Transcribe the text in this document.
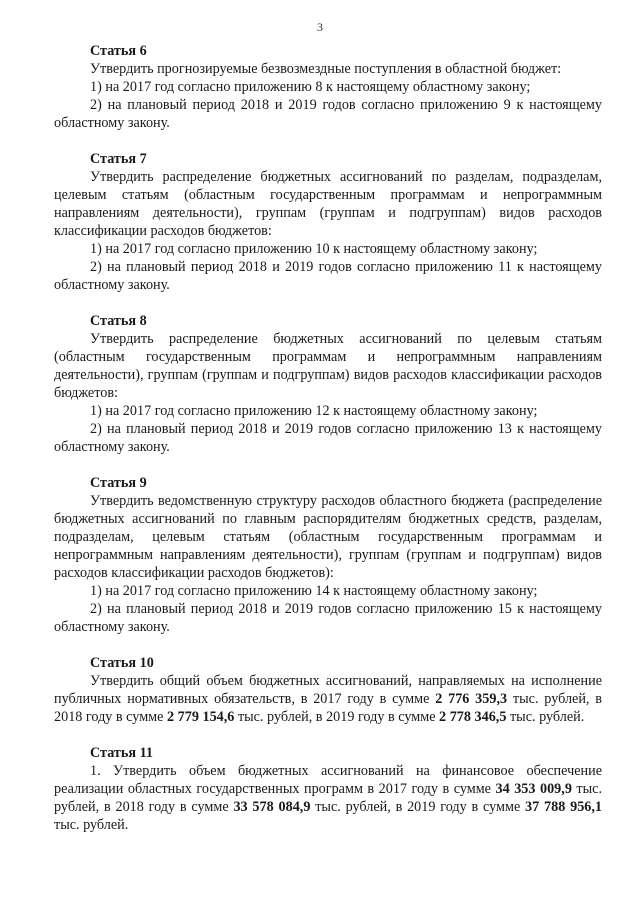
3
Статья 6
Утвердить прогнозируемые безвозмездные поступления в областной бюджет:
1) на 2017 год согласно приложению 8 к настоящему областному закону;
2) на плановый период 2018 и 2019 годов согласно приложению 9 к настоящему областному закону.
Статья 7
Утвердить распределение бюджетных ассигнований по разделам, подразделам, целевым статьям (областным государственным программам и непрограммным направлениям деятельности), группам (группам и подгруппам) видов расходов классификации расходов бюджетов:
1) на 2017 год согласно приложению 10 к настоящему областному закону;
2) на плановый период 2018 и 2019 годов согласно приложению 11 к настоящему областному закону.
Статья 8
Утвердить распределение бюджетных ассигнований по целевым статьям (областным государственным программам и непрограммным направлениям деятельности), группам (группам и подгруппам) видов расходов классификации расходов бюджетов:
1) на 2017 год согласно приложению 12 к настоящему областному закону;
2) на плановый период 2018 и 2019 годов согласно приложению 13 к настоящему областному закону.
Статья 9
Утвердить ведомственную структуру расходов областного бюджета (распределение бюджетных ассигнований по главным распорядителям бюджетных средств, разделам, подразделам, целевым статьям (областным государственным программам и непрограммным направлениям деятельности), группам (группам и подгруппам) видов расходов классификации расходов бюджетов):
1) на 2017 год согласно приложению 14 к настоящему областному закону;
2) на плановый период 2018 и 2019 годов согласно приложению 15 к настоящему областному закону.
Статья 10
Утвердить общий объем бюджетных ассигнований, направляемых на исполнение публичных нормативных обязательств, в 2017 году в сумме 2 776 359,3 тыс. рублей, в 2018 году в сумме 2 779 154,6 тыс. рублей, в 2019 году в сумме 2 778 346,5 тыс. рублей.
Статья 11
1. Утвердить объем бюджетных ассигнований на финансовое обеспечение реализации областных государственных программ в 2017 году в сумме 34 353 009,9 тыс. рублей, в 2018 году в сумме 33 578 084,9 тыс. рублей, в 2019 году в сумме 37 788 956,1 тыс. рублей.
